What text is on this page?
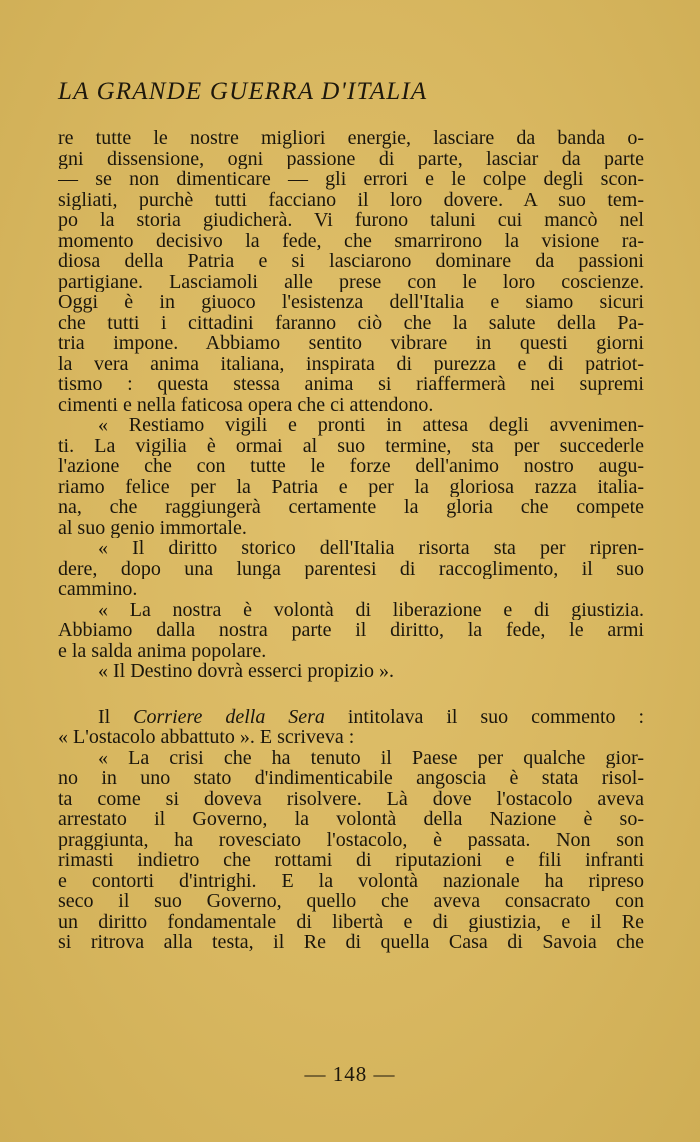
LA GRANDE GUERRA D'ITALIA
re tutte le nostre migliori energie, lasciare da banda o-
gni dissensione, ogni passione di parte, lasciar da parte
— se non dimenticare — gli errori e le colpe degli scon-
sigliati, purchè tutti facciano il loro dovere. A suo tem-
po la storia giudicherà. Vi furono taluni cui mancò nel
momento decisivo la fede, che smarrirono la visione ra-
diosa della Patria e si lasciarono dominare da passioni
partigiane. Lasciamoli alle prese con le loro coscienze.
Oggi è in giuoco l'esistenza dell'Italia e siamo sicuri
che tutti i cittadini faranno ciò che la salute della Pa-
tria impone. Abbiamo sentito vibrare in questi giorni
la vera anima italiana, inspirata di purezza e di patriot-
tismo : questa stessa anima si riaffermerà nei supremi
cimenti e nella faticosa opera che ci attendono.
« Restiamo vigili e pronti in attesa degli avvenimen-
ti. La vigilia è ormai al suo termine, sta per succederle
l'azione che con tutte le forze dell'animo nostro augu-
riamo felice per la Patria e per la gloriosa razza italia-
na, che raggiungerà certamente la gloria che compete
al suo genio immortale.
« Il diritto storico dell'Italia risorta sta per ripren-
dere, dopo una lunga parentesi di raccoglimento, il suo
cammino.
« La nostra è volontà di liberazione e di giustizia.
Abbiamo dalla nostra parte il diritto, la fede, le armi
e la salda anima popolare.
« Il Destino dovrà esserci propizio ».
Il Corriere della Sera intitolava il suo commento :
« L'ostacolo abbattuto ». E scriveva :
« La crisi che ha tenuto il Paese per qualche gior-
no in uno stato d'indimenticabile angoscia è stata risol-
ta come si doveva risolvere. Là dove l'ostacolo aveva
arrestato il Governo, la volontà della Nazione è so-
praggiunta, ha rovesciato l'ostacolo, è passata. Non son
rimasti indietro che rottami di riputazioni e fili infranti
e contorti d'intrighi. E la volontà nazionale ha ripreso
seco il suo Governo, quello che aveva consacrato con
un diritto fondamentale di libertà e di giustizia, e il Re
si ritrova alla testa, il Re di quella Casa di Savoia che
— 148 —
